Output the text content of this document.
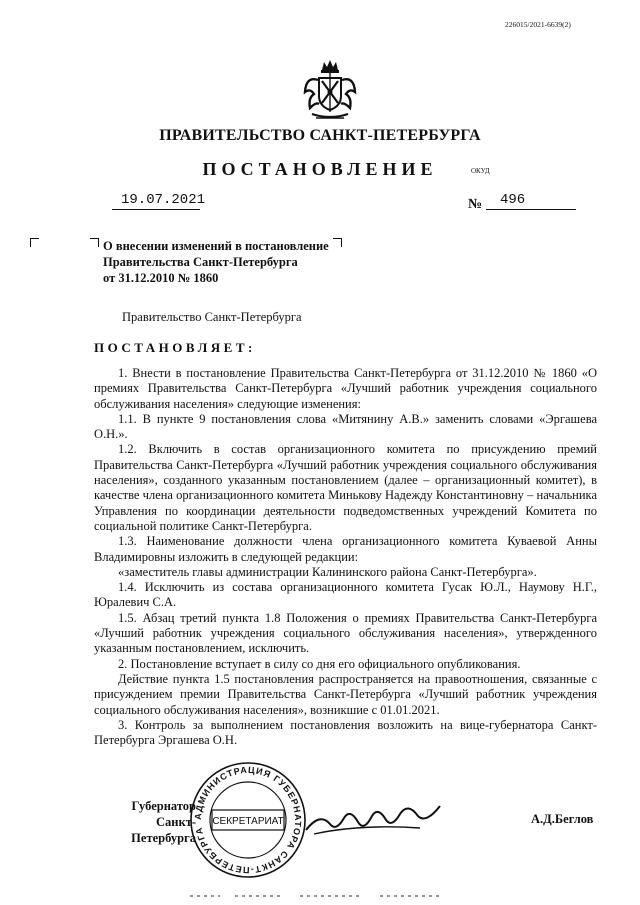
226015/2021-6639(2)
ПРАВИТЕЛЬСТВО САНКТ-ПЕТЕРБУРГА
ПОСТАНОВЛЕНИЕ	ОКУД
19.07.2021	№ 496
О внесении изменений в постановление
Правительства Санкт-Петербурга
от 31.12.2010 № 1860
Правительство Санкт-Петербурга
ПОСТАНОВЛЯЕТ:

1. Внести в постановление Правительства Санкт-Петербурга от 31.12.2010 № 1860 «О премиях Правительства Санкт-Петербурга «Лучший работник учреждения социального обслуживания населения» следующие изменения:

1.1. В пункте 9 постановления слова «Митянину А.В.» заменить словами «Эргашева О.Н.».

1.2. Включить в состав организационного комитета по присуждению премий Правительства Санкт-Петербурга «Лучший работник учреждения социального обслуживания населения», созданного указанным постановлением (далее – организационный комитет), в качестве члена организационного комитета Минькову Надежду Константиновну – начальника Управления по координации деятельности подведомственных учреждений Комитета по социальной политике Санкт-Петербурга.

1.3. Наименование должности члена организационного комитета Куваевой Анны Владимировны изложить в следующей редакции:

«заместитель главы администрации Калининского района Санкт-Петербурга».

1.4. Исключить из состава организационного комитета Гусак Ю.Л., Наумову Н.Г., Юралевич С.А.

1.5. Абзац третий пункта 1.8 Положения о премиях Правительства Санкт-Петербурга «Лучший работник учреждения социального обслуживания населения», утвержденного указанным постановлением, исключить.

2. Постановление вступает в силу со дня его официального опубликования.

Действие пункта 1.5 постановления распространяется на правоотношения, связанные с присуждением премии Правительства Санкт-Петербурга «Лучший работник учреждения социального обслуживания населения», возникшие с 01.01.2021.

3. Контроль за выполнением постановления возложить на вице-губернатора Санкт-Петербурга Эргашева О.Н.

АДМИНИСТРАЦИЯ ГУБЕРНАТОРА САНКТ-ПЕТЕРБУРГА
СЕКРЕТАРИАТ
Губернатор
Санкт-Петербурга
А.Д.Беглов
